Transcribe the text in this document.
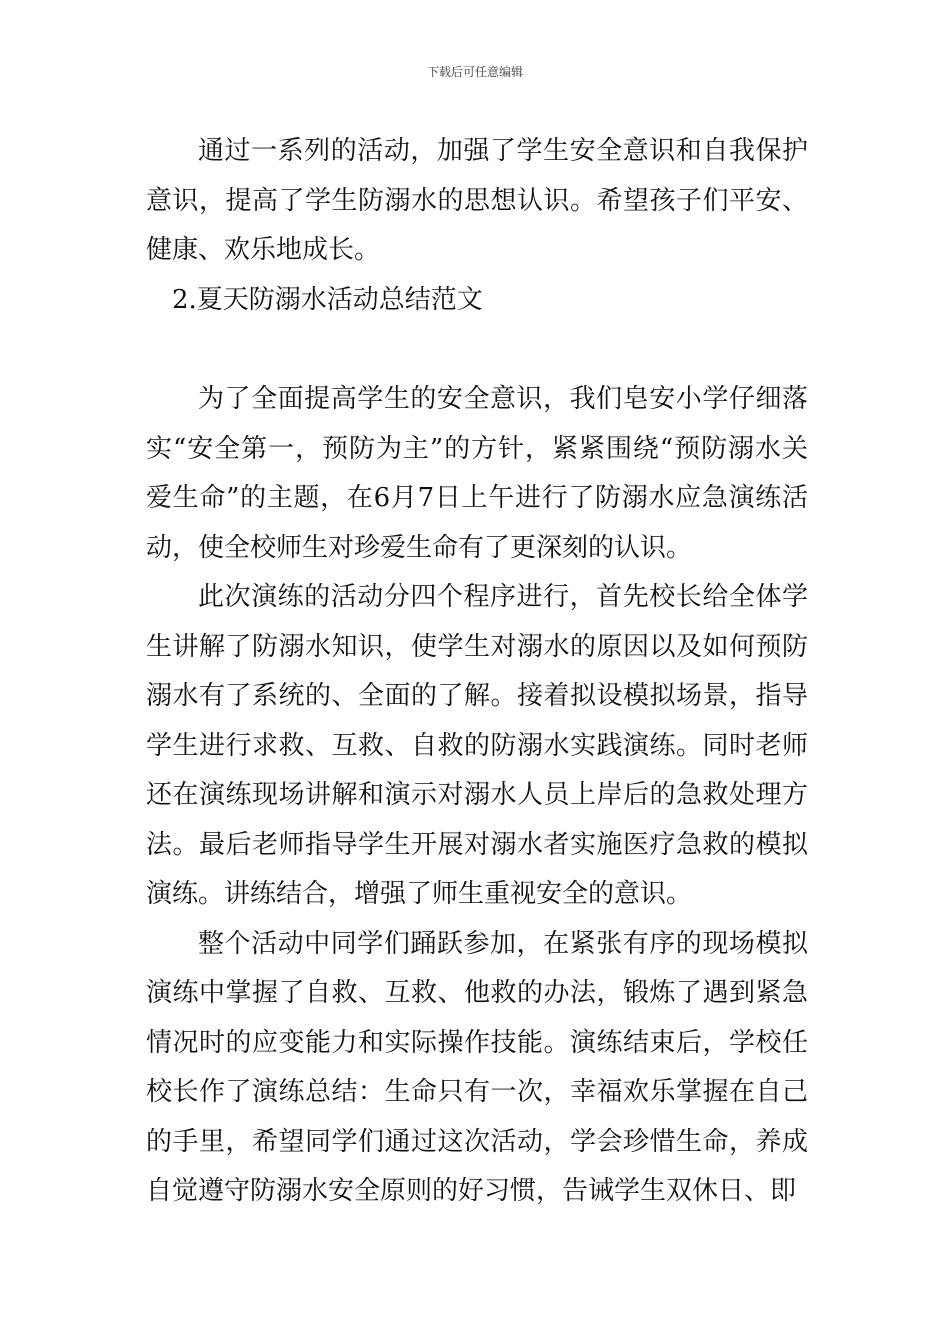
下载后可任意编辑

通过一系列的活动，加强了学生安全意识和自我保护意识，提高了学生防溺水的思想认识。希望孩子们平安、健康、欢乐地成长。

2.夏天防溺水活动总结范文

为了全面提高学生的安全意识，我们皂安小学仔细落实“安全第一，预防为主”的方针，紧紧围绕“预防溺水关爱生命”的主题，在6月7日上午进行了防溺水应急演练活动，使全校师生对珍爱生命有了更深刻的认识。

此次演练的活动分四个程序进行，首先校长给全体学生讲解了防溺水知识，使学生对溺水的原因以及如何预防溺水有了系统的、全面的了解。接着拟设模拟场景，指导学生进行求救、互救、自救的防溺水实践演练。同时老师还在演练现场讲解和演示对溺水人员上岸后的急救处理方法。最后老师指导学生开展对溺水者实施医疗急救的模拟演练。讲练结合，增强了师生重视安全的意识。

整个活动中同学们踊跃参加，在紧张有序的现场模拟演练中掌握了自救、互救、他救的办法，锻炼了遇到紧急情况时的应变能力和实际操作技能。演练结束后，学校任校长作了演练总结：生命只有一次，幸福欢乐掌握在自己的手里，希望同学们通过这次活动，学会珍惜生命，养成自觉遵守防溺水安全原则的好习惯，告诫学生双休日、即
